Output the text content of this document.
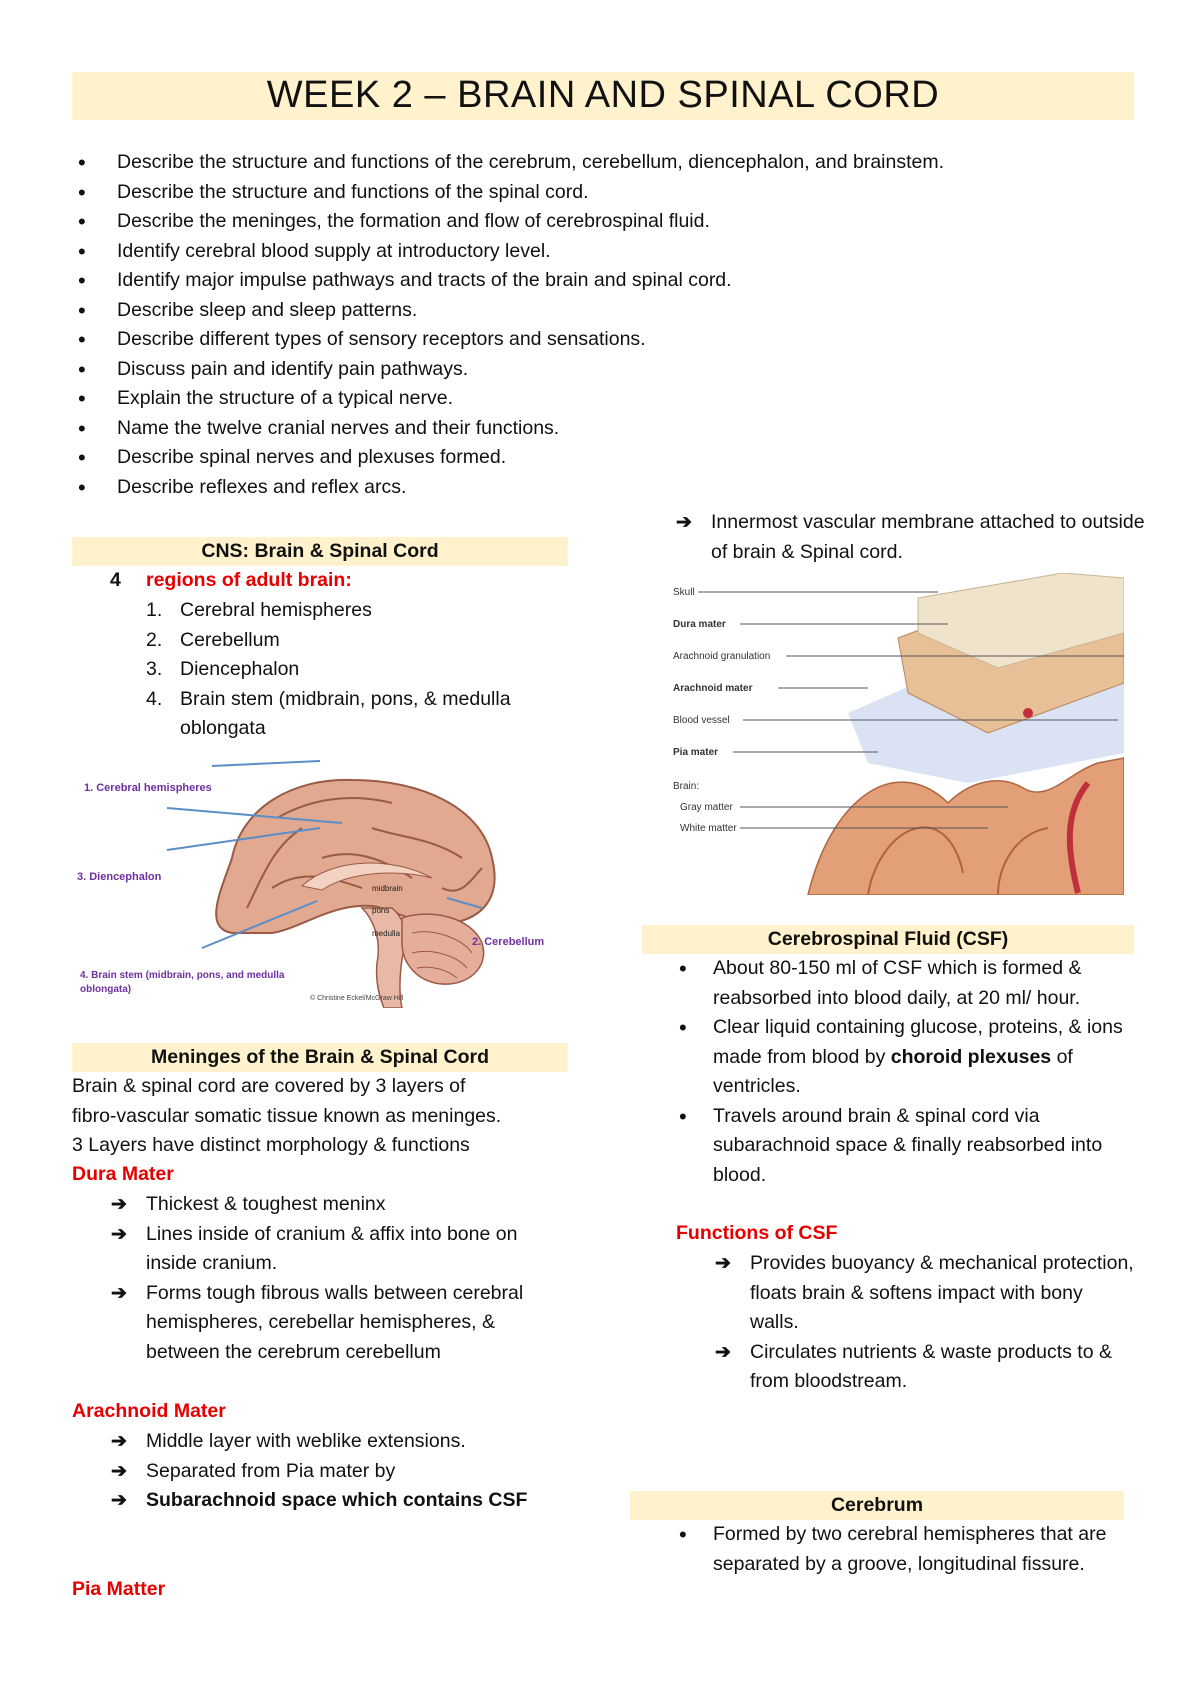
WEEK 2 – BRAIN AND SPINAL CORD
• Describe the structure and functions of the cerebrum, cerebellum, diencephalon, and brainstem.
• Describe the structure and functions of the spinal cord.
• Describe the meninges, the formation and flow of cerebrospinal fluid.
• Identify cerebral blood supply at introductory level.
• Identify major impulse pathways and tracts of the brain and spinal cord.
• Describe sleep and sleep patterns.
• Describe different types of sensory receptors and sensations.
• Discuss pain and identify pain pathways.
• Explain the structure of a typical nerve.
• Name the twelve cranial nerves and their functions.
• Describe spinal nerves and plexuses formed.
• Describe reflexes and reflex arcs.
CNS: Brain & Spinal Cord
4 regions of adult brain:
1. Cerebral hemispheres
2. Cerebellum
3. Diencephalon
4. Brain stem (midbrain, pons, & medulla oblongata
1. Cerebral hemispheres
3. Diencephalon
2. Cerebellum
4. Brain stem (midbrain, pons, and medulla
oblongata)
midbrain
pons
medulla
© Christine Eckel/McGraw Hill
Meninges of the Brain & Spinal Cord
Brain & spinal cord are covered by 3 layers of
fibro-vascular somatic tissue known as meninges.
3 Layers have distinct morphology & functions
Dura Mater
➔ Thickest & toughest meninx
➔ Lines inside of cranium & affix into bone on inside cranium.
➔ Forms tough fibrous walls between cerebral hemispheres, cerebellar hemispheres, & between the cerebrum cerebellum
Arachnoid Mater
➔ Middle layer with weblike extensions.
➔ Separated from Pia mater by
➔ Subarachnoid space which contains CSF
Pia Matter
➔ Innermost vascular membrane attached to outside of brain & Spinal cord.
Skull
Dura mater
Arachnoid granulation
Arachnoid mater
Blood vessel
Pia mater
Brain:
Gray matter
White matter
Cerebrospinal Fluid (CSF)
• About 80-150 ml of CSF which is formed & reabsorbed into blood daily, at 20 ml/ hour.
• Clear liquid containing glucose, proteins, & ions made from blood by choroid plexuses of ventricles.
• Travels around brain & spinal cord via subarachnoid space & finally reabsorbed into blood.
Functions of CSF
➔ Provides buoyancy & mechanical protection, floats brain & softens impact with bony walls.
➔ Circulates nutrients & waste products to & from bloodstream.
Cerebrum
• Formed by two cerebral hemispheres that are separated by a groove, longitudinal fissure.
